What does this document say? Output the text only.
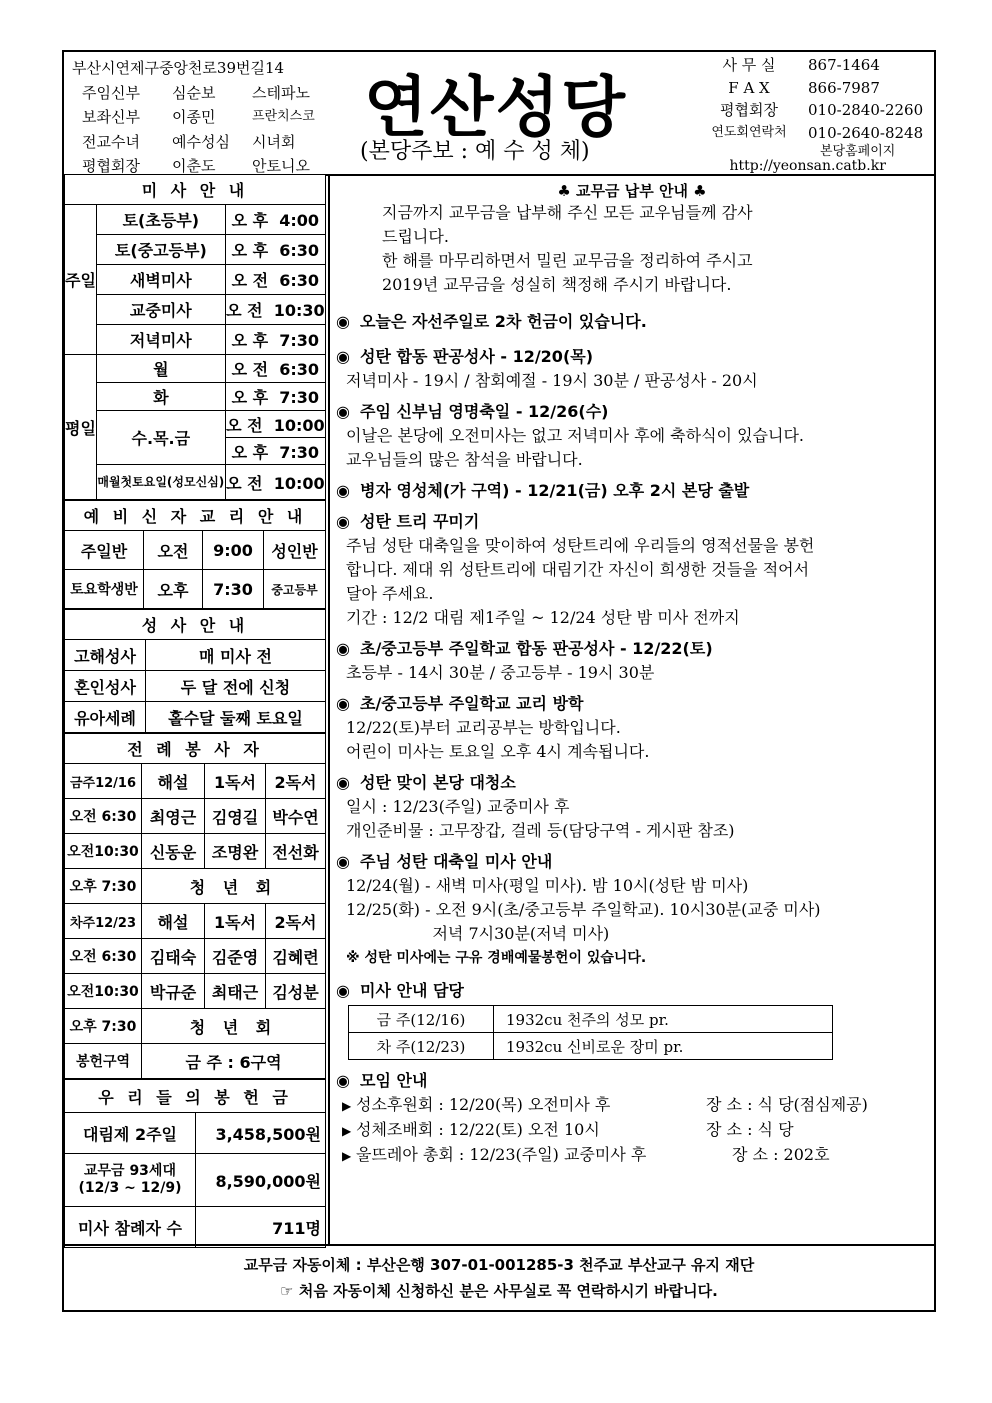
부산시연제구중앙천로39번길14
주임신부	심순보	스테파노
보좌신부	이종민	프란치스코
전교수녀	예수성심	시녀회
평협회장	이춘도	안토니오
연산성당
(본당주보 : 예 수 성 체)
사 무 실	867-1464
F A X	866-7987
평협회장	010-2840-2260
연도회연락처	010-2640-8248
본당홈페이지
http://yeonsan.catb.kr
미 사 안 내		
주일	토(초등부)	오 후 4:00
	토(중고등부)	오 후 6:30
	새벽미사	오 전 6:30
	교중미사	오 전 10:30
	저녁미사	오 후 7:30
평일	월	오 전 6:30
	화	오 후 7:30
	수.목.금	오 전 10:00
		오 후 7:30
	매월첫토요일(성모신심)	오 전 10:00
예 비 신 자 교 리 안 내			
주일반	오전	9:00	성인반
토요학생반	오후	7:30	중고등부
성 사 안 내	
고해성사	매 미사 전
혼인성사	두 달 전에 신청
유아세례	홀수달 둘째 토요일
전 례 봉 사 자			
금주12/16	해설	1독서	2독서
오전 6:30	최영근	김영길	박수연
오전10:30	신동운	조명완	전선화
오후 7:30	청 년 회		
차주12/23	해설	1독서	2독서
오전 6:30	김태숙	김준영	김혜련
오전10:30	박규준	최태근	김성분
오후 7:30	청 년 회		
봉헌구역	금 주 : 6구역		
우 리 들 의 봉 헌 금	
대림제 2주일	3,458,500원
교무금 93세대
(12/3 ~ 12/9)	8,590,000원
미사 참례자 수	711명
♣ 교무금 납부 안내 ♣
지금까지 교무금을 납부해 주신 모든 교우님들께 감사
드립니다.
한 해를 마무리하면서 밀린 교무금을 정리하여 주시고
2019년 교무금을 성실히 책정해 주시기 바랍니다.
◉ 오늘은 자선주일로 2차 헌금이 있습니다.
◉ 성탄 합동 판공성사 - 12/20(목)
저녁미사 - 19시 / 참회예절 - 19시 30분 / 판공성사 - 20시
◉ 주임 신부님 영명축일 - 12/26(수)
이날은 본당에 오전미사는 없고 저녁미사 후에 축하식이 있습니다.
교우님들의 많은 참석을 바랍니다.
◉ 병자 영성체(가 구역) - 12/21(금) 오후 2시 본당 출발
◉ 성탄 트리 꾸미기
주님 성탄 대축일을 맞이하여 성탄트리에 우리들의 영적선물을 봉헌
합니다. 제대 위 성탄트리에 대림기간 자신이 희생한 것들을 적어서
달아 주세요.
기간 : 12/2 대림 제1주일 ~ 12/24 성탄 밤 미사 전까지
◉ 초/중고등부 주일학교 합동 판공성사 - 12/22(토)
초등부 - 14시 30분 / 중고등부 - 19시 30분
◉ 초/중고등부 주일학교 교리 방학
12/22(토)부터 교리공부는 방학입니다.
어린이 미사는 토요일 오후 4시 계속됩니다.
◉ 성탄 맞이 본당 대청소
일시 : 12/23(주일) 교중미사 후
개인준비물 : 고무장갑, 걸레 등(담당구역 - 게시판 참조)
◉ 주님 성탄 대축일 미사 안내
12/24(월) - 새벽 미사(평일 미사). 밤 10시(성탄 밤 미사)
12/25(화) - 오전 9시(초/중고등부 주일학교). 10시30분(교중 미사)
저녁 7시30분(저녁 미사)
※ 성탄 미사에는 구유 경배예물봉헌이 있습니다.
◉ 미사 안내 담당
금 주(12/16)	1932cu 천주의 성모 pr.
차 주(12/23)	1932cu 신비로운 장미 pr.
◉ 모임 안내
▶ 성소후원회 : 12/20(목) 오전미사 후	장 소 : 식 당(점심제공)
▶ 성체조배회 : 12/22(토) 오전 10시	장 소 : 식 당
▶ 울뜨레아 총회 : 12/23(주일) 교중미사 후	장 소 : 202호
교무금 자동이체 : 부산은행 307-01-001285-3 천주교 부산교구 유지 재단
☞ 처음 자동이체 신청하신 분은 사무실로 꼭 연락하시기 바랍니다.
